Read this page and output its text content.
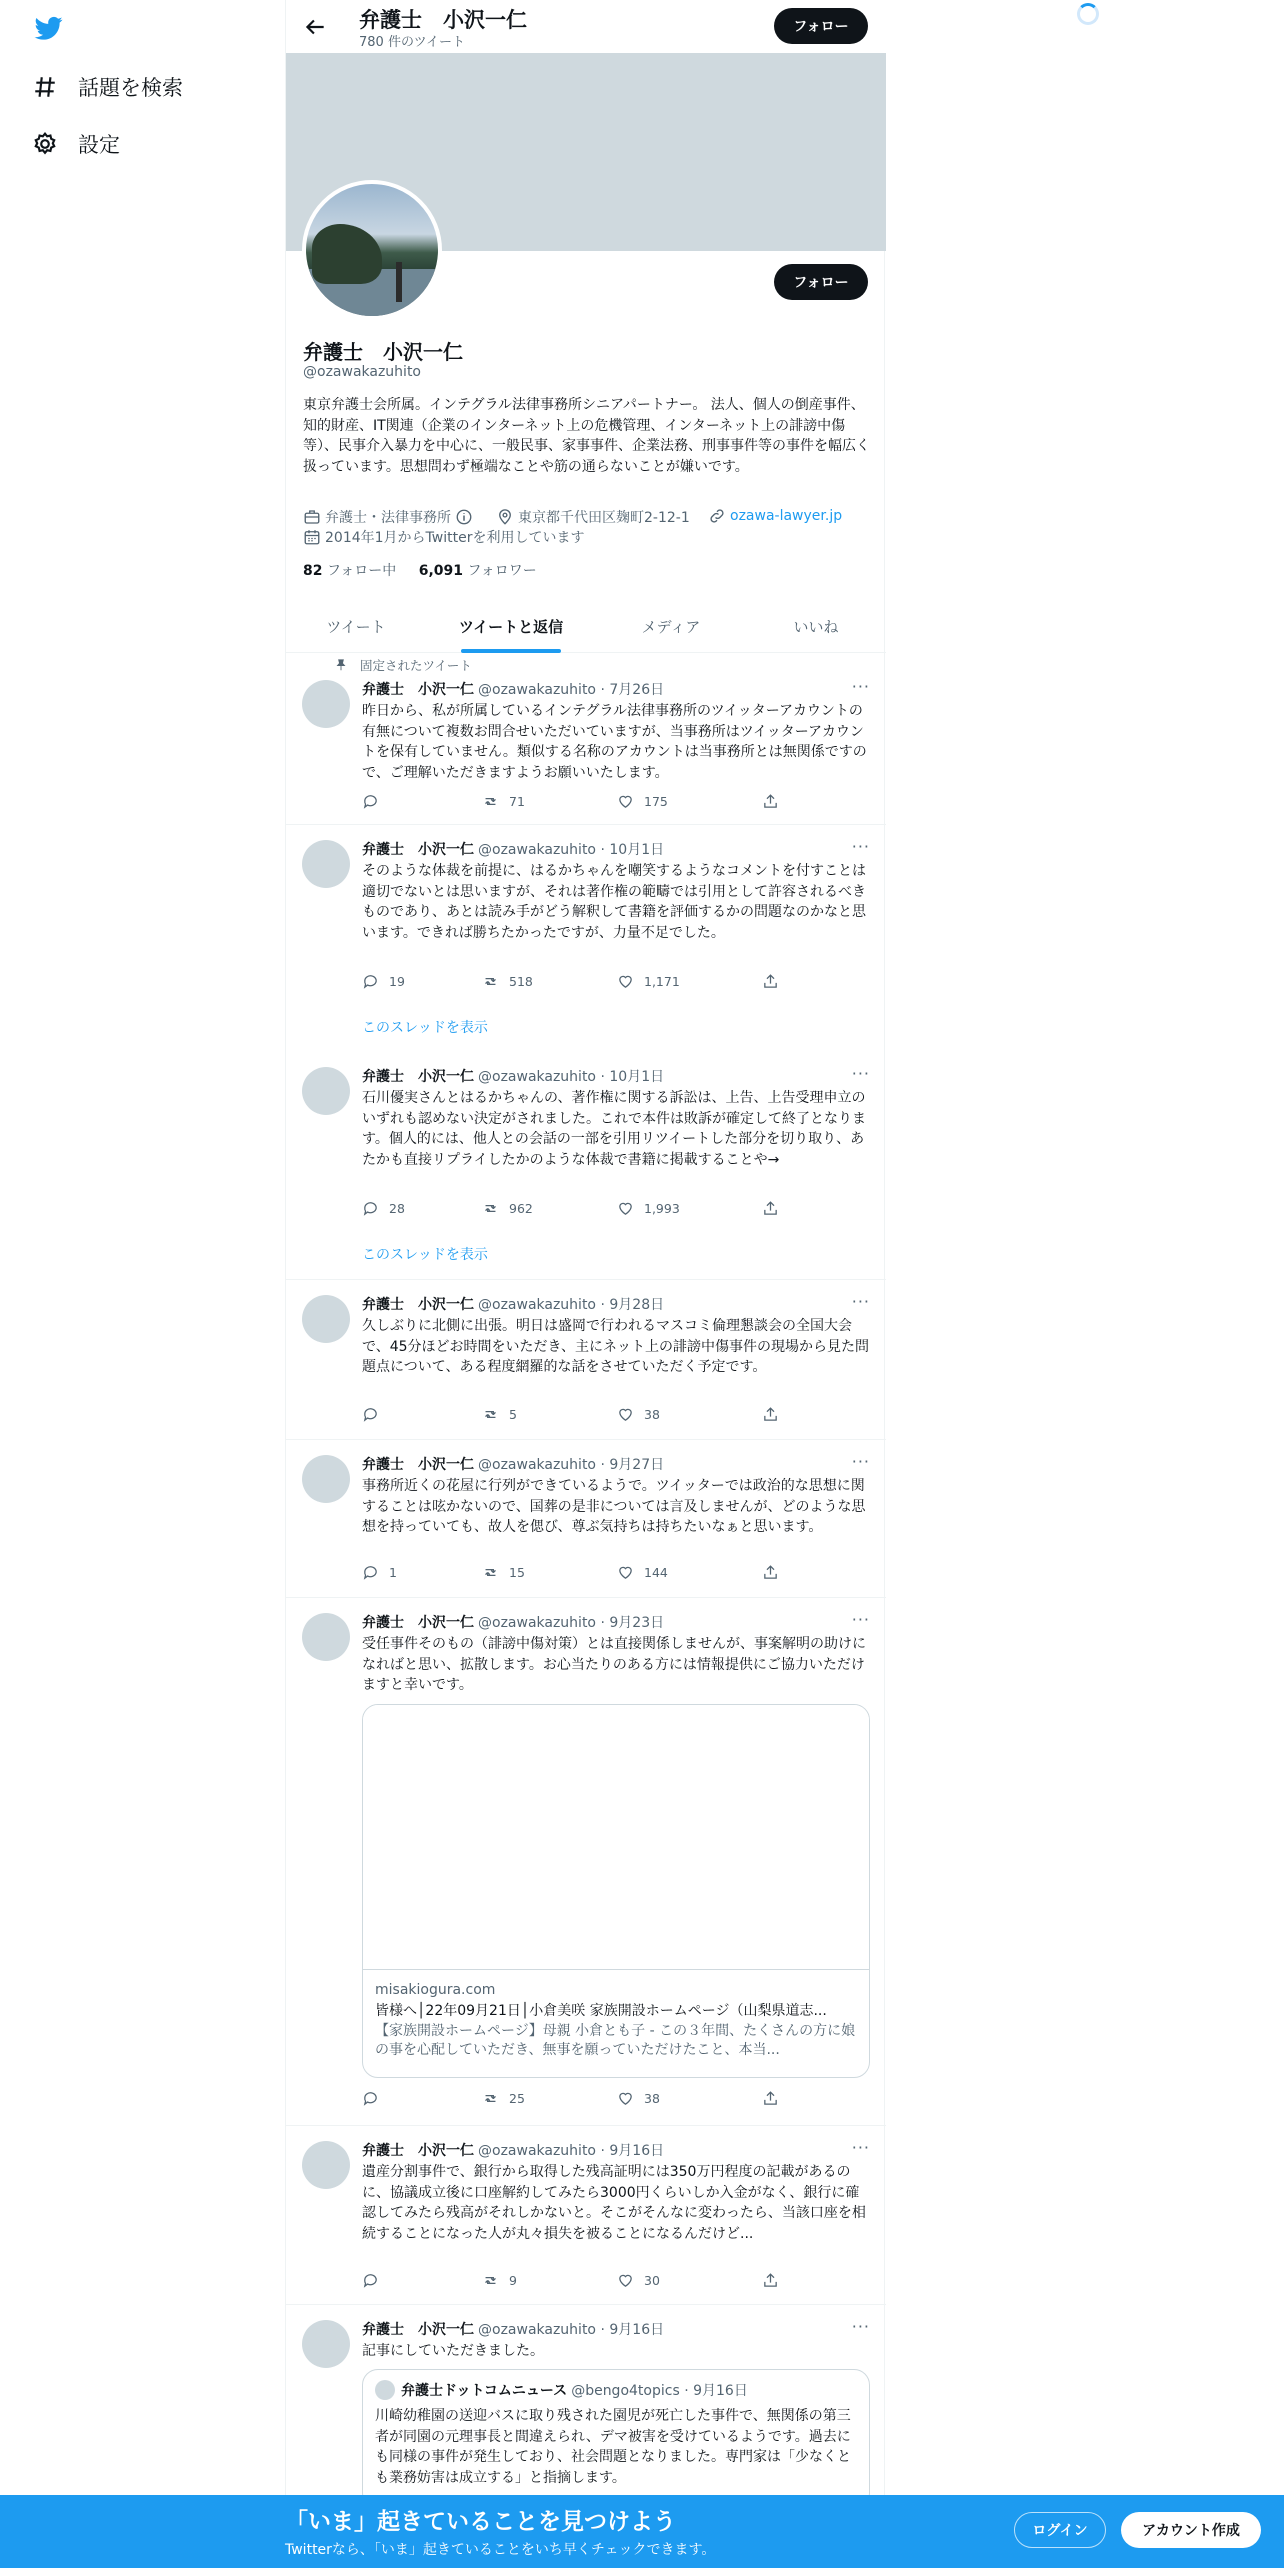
話題を検索
設定
弁護士　小沢一仁
780 件のツイート
フォロー
フォロー
弁護士　小沢一仁
@ozawakazuhito
東京弁護士会所属。インテグラル法律事務所シニアパートナー。 法人、個人の倒産事件、知的財産、IT関連（企業のインターネット上の危機管理、インターネット上の誹謗中傷等）、民事介入暴力を中心に、一般民事、家事事件、企業法務、刑事事件等の事件を幅広く扱っています。思想問わず極端なことや筋の通らないことが嫌いです。
弁護士・法律事務所	東京都千代田区麹町2-12-1	ozawa-lawyer.jp
2014年1月からTwitterを利用しています
82 フォロー中 6,091 フォロワー
ツイート	ツイートと返信	メディア	いいね
固定されたツイート
弁護士　小沢一仁 @ozawakazuhito · 7月26日	···
昨日から、私が所属しているインテグラル法律事務所のツイッターアカウントの有無について複数お問合せいただいていますが、当事務所はツイッターアカウントを保有していません。類似する名称のアカウントは当事務所とは無関係ですので、ご理解いただきますようお願いいたします。
71	175
弁護士　小沢一仁 @ozawakazuhito · 10月1日	···
そのような体裁を前提に、はるかちゃんを嘲笑するようなコメントを付すことは適切でないとは思いますが、それは著作権の範疇では引用として許容されるべきものであり、あとは読み手がどう解釈して書籍を評価するかの問題なのかなと思います。できれば勝ちたかったですが、力量不足でした。
19	518	1,171
このスレッドを表示
弁護士　小沢一仁 @ozawakazuhito · 10月1日	···
石川優実さんとはるかちゃんの、著作権に関する訴訟は、上告、上告受理申立のいずれも認めない決定がされました。これで本件は敗訴が確定して終了となります。個人的には、他人との会話の一部を引用リツイートした部分を切り取り、あたかも直接リプライしたかのような体裁で書籍に掲載することや→
28	962	1,993
このスレッドを表示
弁護士　小沢一仁 @ozawakazuhito · 9月28日	···
久しぶりに北側に出張。明日は盛岡で行われるマスコミ倫理懇談会の全国大会で、45分ほどお時間をいただき、主にネット上の誹謗中傷事件の現場から見た問題点について、ある程度網羅的な話をさせていただく予定です。
5	38
弁護士　小沢一仁 @ozawakazuhito · 9月27日	···
事務所近くの花屋に行列ができているようで。ツイッターでは政治的な思想に関することは呟かないので、国葬の是非については言及しませんが、どのような思想を持っていても、故人を偲び、尊ぶ気持ちは持ちたいなぁと思います。
1	15	144
弁護士　小沢一仁 @ozawakazuhito · 9月23日	···
受任事件そのもの（誹謗中傷対策）とは直接関係しませんが、事案解明の助けになればと思い、拡散します。お心当たりのある方には情報提供にご協力いただけますと幸いです。
misakiogura.com
皆様へ│22年09月21日│小倉美咲 家族開設ホームページ（山梨県道志...
【家族開設ホームページ】母親 小倉とも子 - この３年間、たくさんの方に娘の事を心配していただき、無事を願っていただけたこと、本当...
25	38
弁護士　小沢一仁 @ozawakazuhito · 9月16日	···
遺産分割事件で、銀行から取得した残高証明には350万円程度の記載があるのに、協議成立後に口座解約してみたら3000円くらいしか入金がなく、銀行に確認してみたら残高がそれしかないと。そこがそんなに変わったら、当該口座を相続することになった人が丸々損失を被ることになるんだけど...
9	30
弁護士　小沢一仁 @ozawakazuhito · 9月16日	···
記事にしていただきました。
弁護士ドットコムニュース @bengo4topics · 9月16日
川崎幼稚園の送迎バスに取り残された園児が死亡した事件で、無関係の第三者が同園の元理事長と間違えられ、デマ被害を受けているようです。過去にも同様の事件が発生しており、社会問題となりました。専門家は「少なくとも業務妨害は成立する」と指摘します。
「いま」起きていることを見つけよう
Twitterなら、「いま」起きていることをいち早くチェックできます。
ログイン	アカウント作成
